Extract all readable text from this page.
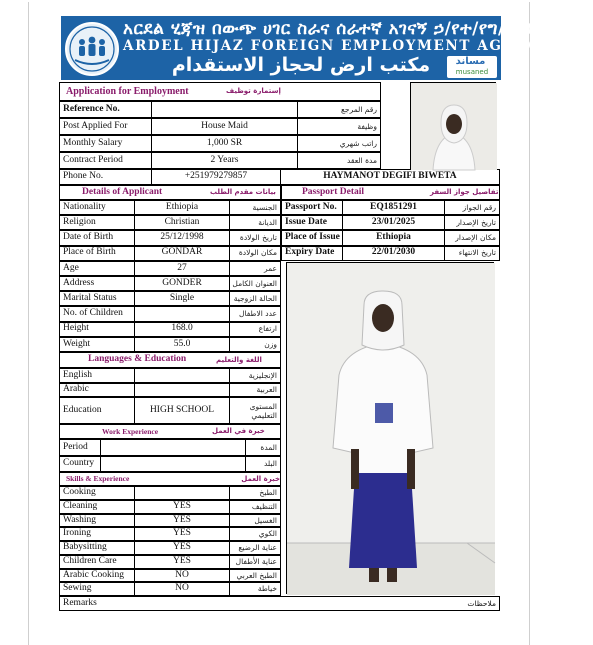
አርደል ሂጃዝ በውጭ ሀገር ስራና ሰራተኛ አገናኝ ኃ/የተ/የግ/ማህበር
ARDEL HIJAZ FOREIGN EMPLOYMENT AGENCY PLC
مكتب ارض لحجاز الاستقدام	مساند
musaned
Application for Employment	إستمارة توظيف
Reference No.	رقم المرجع
Post Applied For	House Maid	وظيفة
Monthly Salary	1,000 SR	راتب شهري
Contract Period	2 Years	مدة العقد
Phone No.	+251979279857	HAYMANOT DEGIFI BIWETA
Details of Applicant	بيانات مقدم الطلب
Nationality	Ethiopia	الجنسية
Religion	Christian	الديانة
Date of Birth	25/12/1998	تاريخ الولادة
Place of Birth	GONDAR	مكان الولادة
Age	27	عمر
Address	GONDER	العنوان الكامل
Marital Status	Single	الحالة الزوجية
No. of Children	عدد الاطفال
Height	168.0	ارتفاع
Weight	55.0	وزن
Passport Detail	تفاصيل جواز السفر
Passport No.	EQ1851291	رقم الجواز
Issue Date	23/01/2025	تاريخ الإصدار
Place of Issue	Ethiopia	مكان الإصدار
Expiry Date	22/01/2030	تاريخ الانتهاء
Languages & Education	اللغة والتعليم
English	الإنجليزية
Arabic	العربية
Education	HIGH SCHOOL	المستوى التعليمي
Work Experience	خبرة في العمل
Period	المدة
Country	البلد
Skills & Experience	خبرة العمل
Cooking	الطبخ
Cleaning	YES	التنظيف
Washing	YES	الغسيل
Ironing	YES	الكوي
Babysitting	YES	عناية الرضيع
Children Care	YES	عناية الأطفال
Arabic Cooking	NO	الطبخ العربي
Sewing	NO	خياطة
Remarks	ملاحظات
